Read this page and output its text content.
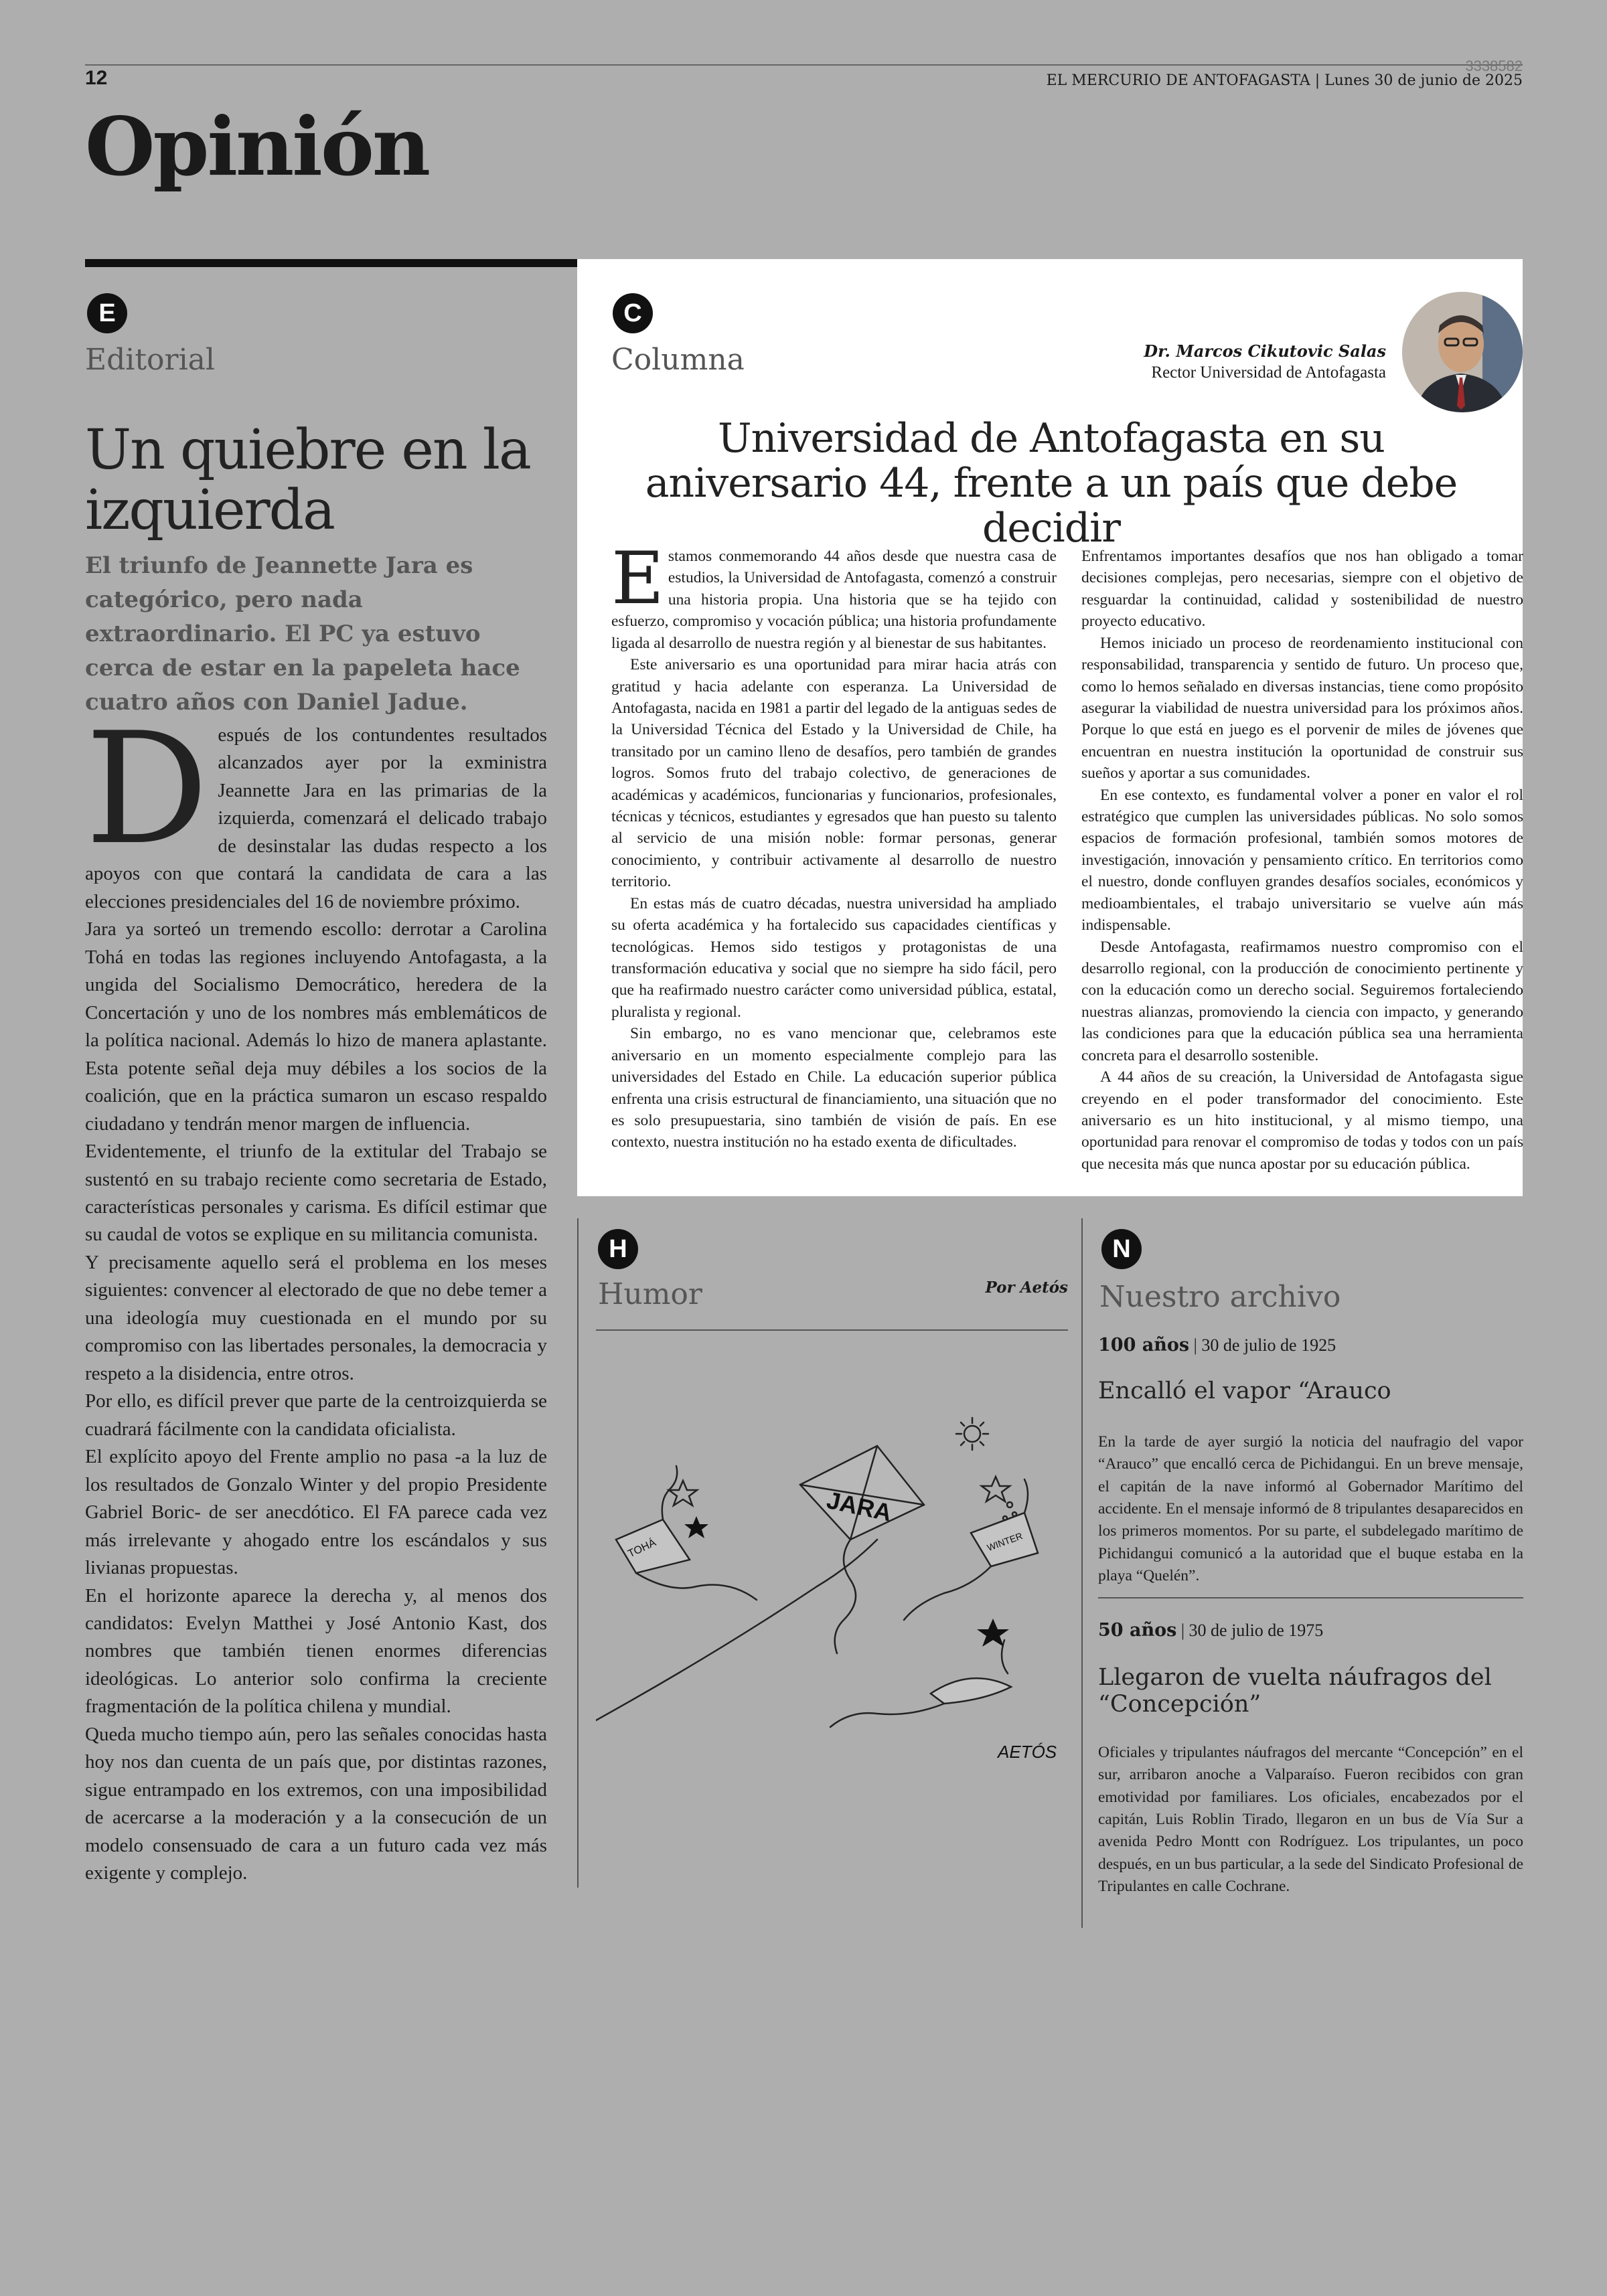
12
3338582
EL MERCURIO DE ANTOFAGASTA | Lunes 30 de junio de 2025
Opinión
E
Editorial
Un quiebre en la izquierda
El triunfo de Jeannette Jara es categórico, pero nada extraordinario. El PC ya estuvo cerca de estar en la papeleta hace cuatro años con Daniel Jadue.

Después de los contundentes resultados alcanzados ayer por la exministra Jeannette Jara en las primarias de la izquierda, comenzará el delicado trabajo de desinstalar las dudas respecto a los apoyos con que contará la candidata de cara a las elecciones presidenciales del 16 de noviembre próximo.

Jara ya sorteó un tremendo escollo: derrotar a Carolina Tohá en todas las regiones incluyendo Antofagasta, a la ungida del Socialismo Democrático, heredera de la Concertación y uno de los nombres más emblemáticos de la política nacional. Además lo hizo de manera aplastante. Esta potente señal deja muy débiles a los socios de la coalición, que en la práctica sumaron un escaso respaldo ciudadano y tendrán menor margen de influencia.

Evidentemente, el triunfo de la extitular del Trabajo se sustentó en su trabajo reciente como secretaria de Estado, características personales y carisma. Es difícil estimar que su caudal de votos se explique en su militancia comunista.

Y precisamente aquello será el problema en los meses siguientes: convencer al electorado de que no debe temer a una ideología muy cuestionada en el mundo por su compromiso con las libertades personales, la democracia y respeto a la disidencia, entre otros.

Por ello, es difícil prever que parte de la centroizquierda se cuadrará fácilmente con la candidata oficialista.

El explícito apoyo del Frente amplio no pasa -a la luz de los resultados de Gonzalo Winter y del propio Presidente Gabriel Boric- de ser anecdótico. El FA parece cada vez más irrelevante y ahogado entre los escándalos y sus livianas propuestas.

En el horizonte aparece la derecha y, al menos dos candidatos: Evelyn Matthei y José Antonio Kast, dos nombres que también tienen enormes diferencias ideológicas. Lo anterior solo confirma la creciente fragmentación de la política chilena y mundial.

Queda mucho tiempo aún, pero las señales conocidas hasta hoy nos dan cuenta de un país que, por distintas razones, sigue entrampado en los extremos, con una imposibilidad de acercarse a la moderación y a la consecución de un modelo consensuado de cara a un futuro cada vez más exigente y complejo.

C
Columna	Dr. Marcos Cikutovic Salas
Rector Universidad de Antofagasta
Universidad de Antofagasta en su aniversario 44, frente a un país que debe decidir

Estamos conmemorando 44 años desde que nuestra casa de estudios, la Universidad de Antofagasta, comenzó a construir una historia propia. Una historia que se ha tejido con esfuerzo, compromiso y vocación pública; una historia profundamente ligada al desarrollo de nuestra región y al bienestar de sus habitantes.

Este aniversario es una oportunidad para mirar hacia atrás con gratitud y hacia adelante con esperanza. La Universidad de Antofagasta, nacida en 1981 a partir del legado de la antiguas sedes de la Universidad Técnica del Estado y la Universidad de Chile, ha transitado por un camino lleno de desafíos, pero también de grandes logros. Somos fruto del trabajo colectivo, de generaciones de académicas y académicos, funcionarias y funcionarios, profesionales, técnicas y técnicos, estudiantes y egresados que han puesto su talento al servicio de una misión noble: formar personas, generar conocimiento, y contribuir activamente al desarrollo de nuestro territorio.

En estas más de cuatro décadas, nuestra universidad ha ampliado su oferta académica y ha fortalecido sus capacidades científicas y tecnológicas. Hemos sido testigos y protagonistas de una transformación educativa y social que no siempre ha sido fácil, pero que ha reafirmado nuestro carácter como universidad pública, estatal, pluralista y regional.

Sin embargo, no es vano mencionar que, celebramos este aniversario en un momento especialmente complejo para las universidades del Estado en Chile. La educación superior pública enfrenta una crisis estructural de financiamiento, una situación que no es solo presupuestaria, sino también de visión de país. En ese contexto, nuestra institución no ha estado exenta de dificultades.

Enfrentamos importantes desafíos que nos han obligado a tomar decisiones complejas, pero necesarias, siempre con el objetivo de resguardar la continuidad, calidad y sostenibilidad de nuestro proyecto educativo.

Hemos iniciado un proceso de reordenamiento institucional con responsabilidad, transparencia y sentido de futuro. Un proceso que, como lo hemos señalado en diversas instancias, tiene como propósito asegurar la viabilidad de nuestra universidad para los próximos años. Porque lo que está en juego es el porvenir de miles de jóvenes que encuentran en nuestra institución la oportunidad de construir sus sueños y aportar a sus comunidades.

En ese contexto, es fundamental volver a poner en valor el rol estratégico que cumplen las universidades públicas. No solo somos espacios de formación profesional, también somos motores de investigación, innovación y pensamiento crítico. En territorios como el nuestro, donde confluyen grandes desafíos sociales, económicos y medioambientales, el trabajo universitario se vuelve aún más indispensable.

Desde Antofagasta, reafirmamos nuestro compromiso con el desarrollo regional, con la producción de conocimiento pertinente y con la educación como un derecho social. Seguiremos fortaleciendo nuestras alianzas, promoviendo la ciencia con impacto, y generando las condiciones para que la educación pública sea una herramienta concreta para el desarrollo sostenible.

A 44 años de su creación, la Universidad de Antofagasta sigue creyendo en el poder transformador del conocimiento. Este aniversario es un hito institucional, y al mismo tiempo, una oportunidad para renovar el compromiso de todas y todos con un país que necesita más que nunca apostar por su educación pública.

H
Humor	Por Aetós
JARA
TOHÁ	WINTER
AETÓS
N
Nuestro archivo
100 años | 30 de julio de 1925
Encalló el vapor “Arauco
En la tarde de ayer surgió la noticia del naufragio del vapor “Arauco” que encalló cerca de Pichidangui. En un breve mensaje, el capitán de la nave informó al Gobernador Marítimo del accidente. En el mensaje informó de 8 tripulantes desaparecidos en los primeros momentos. Por su parte, el subdelegado marítimo de Pichidangui comunicó a la autoridad que el buque estaba en la playa “Quelén”.
50 años | 30 de julio de 1975
Llegaron de vuelta náufragos del “Concepción”
Oficiales y tripulantes náufragos del mercante “Concepción” en el sur, arribaron anoche a Valparaíso. Fueron recibidos con gran emotividad por familiares. Los oficiales, encabezados por el capitán, Luis Roblin Tirado, llegaron en un bus de Vía Sur a avenida Pedro Montt con Rodríguez. Los tripulantes, un poco después, en un bus particular, a la sede del Sindicato Profesional de Tripulantes en calle Cochrane.
